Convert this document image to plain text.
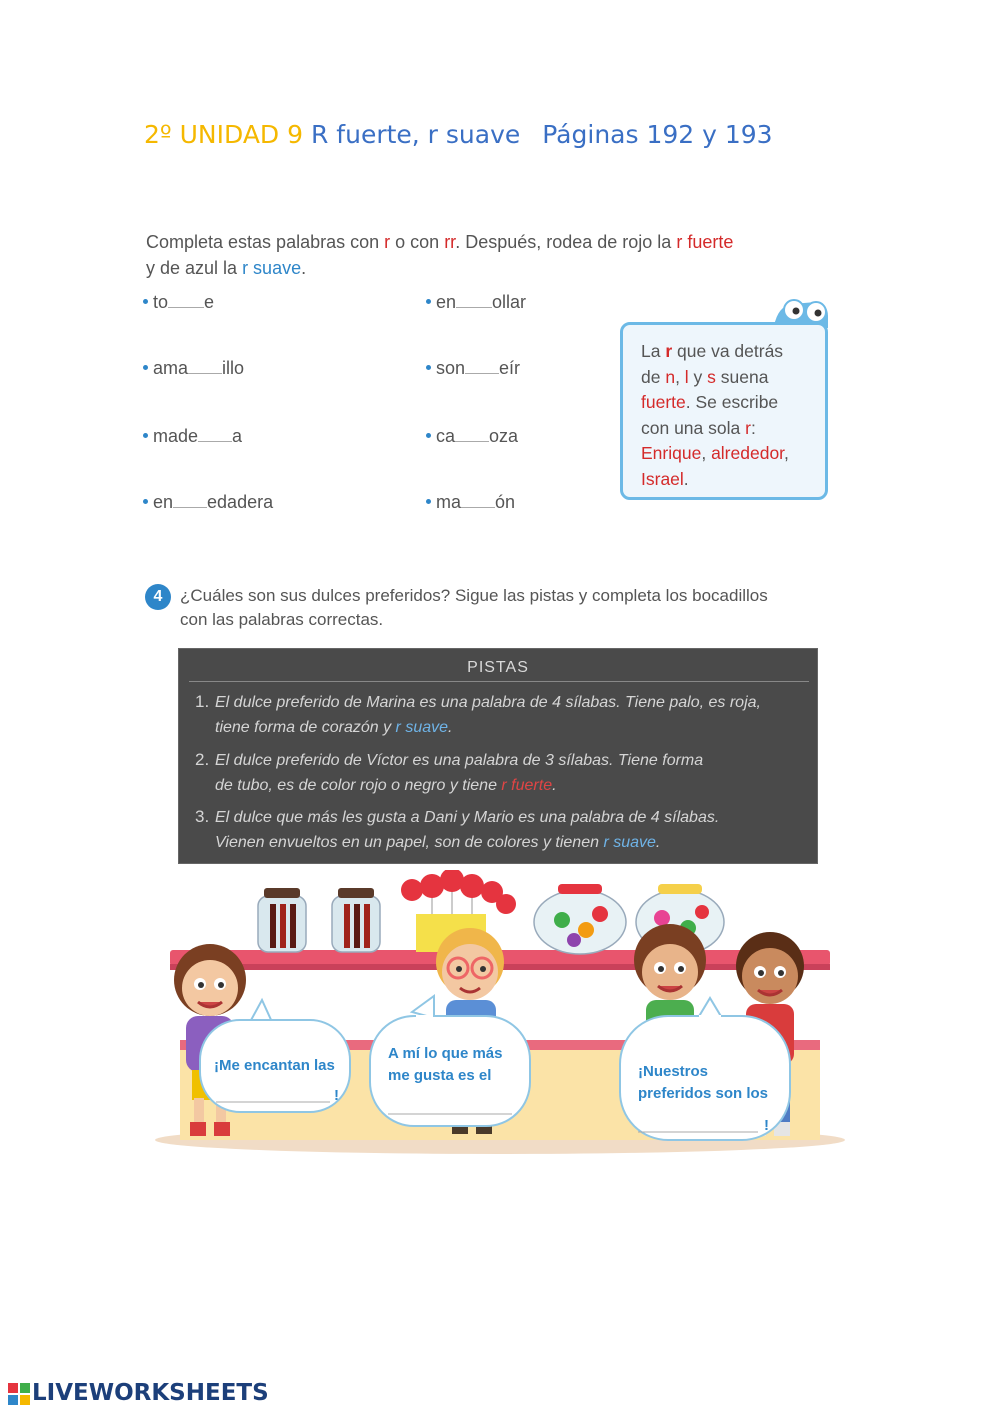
2º UNIDAD 9 R fuerte, r suave Páginas 192 y 193
Completa estas palabras con r o con rr. Después, rodea de rojo la r fuerte
y de azul la r suave.
to e	en ollar
ama illo	son eír
made a	ca oza
en edadera	ma ón
La r que va detrás
de n, l y s suena
fuerte. Se escribe
con una sola r:
Enrique, alrededor,
Israel.
4	¿Cuáles son sus dulces preferidos? Sigue las pistas y completa los bocadillos
con las palabras correctas.
PISTAS
1. El dulce preferido de Marina es una palabra de 4 sílabas. Tiene palo, es roja,
tiene forma de corazón y r suave.
2. El dulce preferido de Víctor es una palabra de 3 sílabas. Tiene forma
de tubo, es de color rojo o negro y tiene r fuerte.
3. El dulce que más les gusta a Dani y Mario es una palabra de 4 sílabas.
Vienen envueltos en un papel, son de colores y tienen r suave.
¡Me encantan las
!
A mí lo que más
me gusta es el	¡Nuestros
preferidos son los
!
LIVEWORKSHEETS
